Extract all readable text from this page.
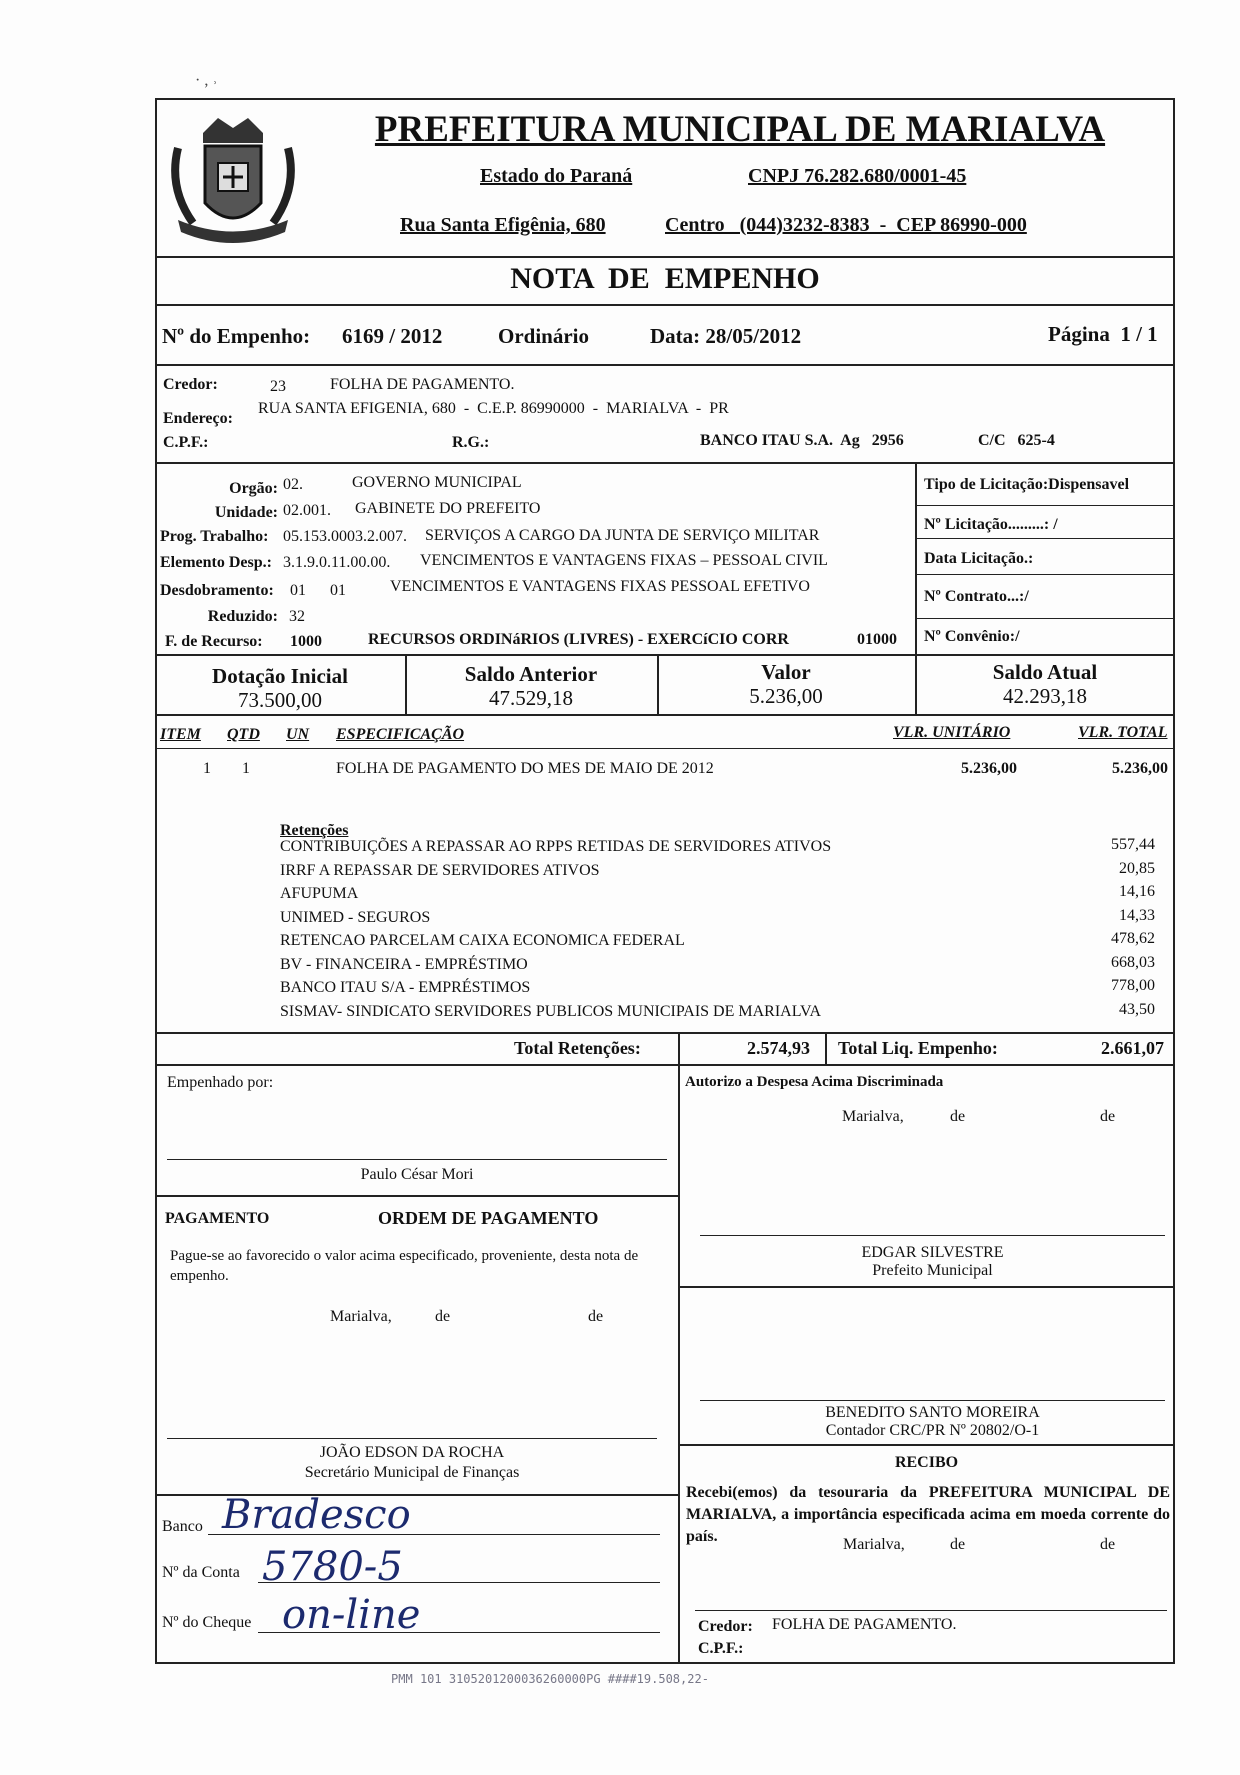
· , ˒
PREFEITURA MUNICIPAL DE MARIALVA
Estado do Paraná	CNPJ 76.282.680/0001-45
Rua Santa Efigênia, 680	Centro   (044)3232-8383  -  CEP 86990-000
NOTA  DE  EMPENHO
Nº do Empenho: 6169 / 2012	Ordinário	Data: 28/05/2012	Página  1 / 1
Credor:	23	FOLHA DE PAGAMENTO.
Endereço:
RUA SANTA EFIGENIA, 680  -  C.E.P. 86990000  -  MARIALVA  -  PR
C.P.F.:	R.G.:	BANCO ITAU S.A.  Ag   2956	C/C   625-4
Orgão: 02.	GOVERNO MUNICIPAL
Unidade: 02.001. GABINETE DO PREFEITO
Prog. Trabalho: 05.153.0003.2.007. SERVIÇOS A CARGO DA JUNTA DE SERVIÇO MILITAR
Elemento Desp.: 3.1.9.0.11.00.00. VENCIMENTOS E VANTAGENS FIXAS – PESSOAL CIVIL
Desdobramento: 01      01	VENCIMENTOS E VANTAGENS FIXAS PESSOAL EFETIVO
Reduzido: 32
F. de Recurso: 1000	RECURSOS ORDINáRIOS (LIVRES) - EXERCíCIO CORR	01000
Tipo de Licitação:Dispensavel
Nº Licitação.........: /
Data Licitação.:
Nº Contrato...:/
Nº Convênio:/
Dotação Inicial
73.500,00
Saldo Anterior
47.529,18
Valor
5.236,00
Saldo Atual
42.293,18
ITEM QTD UN ESPECIFICAÇÃO	VLR. UNITÁRIO	VLR. TOTAL
1 1	FOLHA DE PAGAMENTO DO MES DE MAIO DE 2012	5.236,00	5.236,00
Retenções
CONTRIBUIÇÕES A REPASSAR AO RPPS RETIDAS DE SERVIDORES ATIVOS	557,44
IRRF A REPASSAR DE SERVIDORES ATIVOS	20,85
AFUPUMA	14,16
UNIMED - SEGUROS	14,33
RETENCAO PARCELAM CAIXA ECONOMICA FEDERAL	478,62
BV - FINANCEIRA - EMPRÉSTIMO	668,03
BANCO ITAU S/A - EMPRÉSTIMOS	778,00
SISMAV- SINDICATO SERVIDORES PUBLICOS MUNICIPAIS DE MARIALVA	43,50
Total Retenções:	2.574,93 Total Liq. Empenho:	2.661,07
Empenhado por:
Paulo César Mori
PAGAMENTO	ORDEM DE PAGAMENTO
Pague-se ao favorecido o valor acima especificado, proveniente, desta nota de empenho.
Marialva,	de	de
JOÃO EDSON DA ROCHA
Secretário Municipal de Finanças
Banco Bradesco
Nº da Conta 5780-5
Nº do Cheque on-line
Autorizo a Despesa Acima Discriminada
Marialva,	de	de
EDGAR SILVESTRE
Prefeito Municipal
BENEDITO SANTO MOREIRA
Contador CRC/PR Nº 20802/O-1
RECIBO
Recebi(emos) da tesouraria da PREFEITURA MUNICIPAL DE MARIALVA, a importância especificada acima em moeda corrente do país.	Marialva,	de	de
Credor: FOLHA DE PAGAMENTO.
C.P.F.:
PMM 101 3105201200036260000PG ####19.508,22-
